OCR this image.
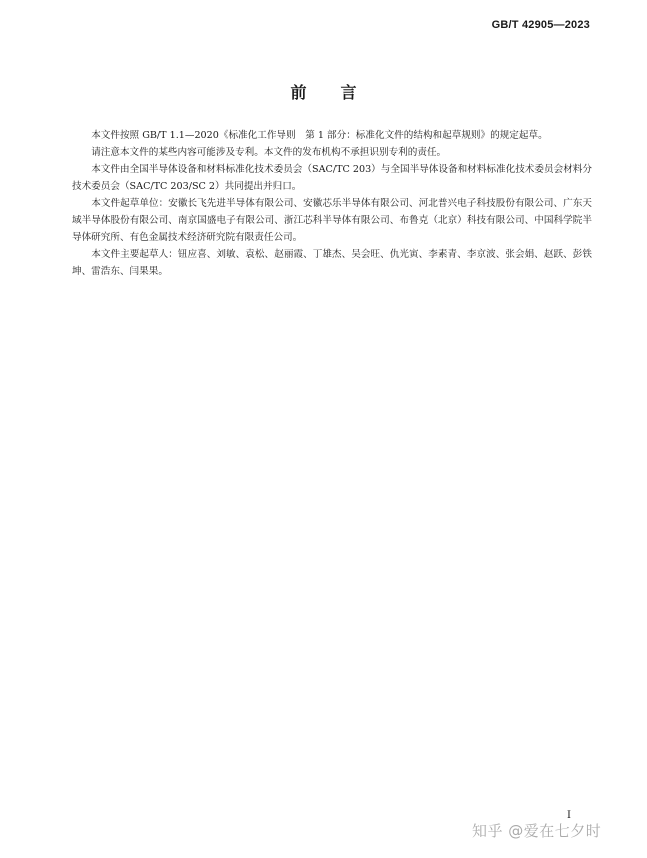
GB/T 42905—2023
前 言

本文件按照 GB/T 1.1—2020《标准化工作导则　第 1 部分：标准化文件的结构和起草规则》的规定起草。

请注意本文件的某些内容可能涉及专利。本文件的发布机构不承担识别专利的责任。

本文件由全国半导体设备和材料标准化技术委员会（SAC/TC 203）与全国半导体设备和材料标准化技术委员会材料分技术委员会（SAC/TC 203/SC 2）共同提出并归口。

本文件起草单位：安徽长飞先进半导体有限公司、安徽芯乐半导体有限公司、河北普兴电子科技股份有限公司、广东天域半导体股份有限公司、南京国盛电子有限公司、浙江芯科半导体有限公司、布鲁克（北京）科技有限公司、中国科学院半导体研究所、有色金属技术经济研究院有限责任公司。

本文件主要起草人：钮应喜、刘敏、袁松、赵丽霞、丁雄杰、吴会旺、仇光寅、李素青、李京波、张会娟、赵跃、彭铁坤、雷浩东、闫果果。

I
知乎 @爱在七夕时
